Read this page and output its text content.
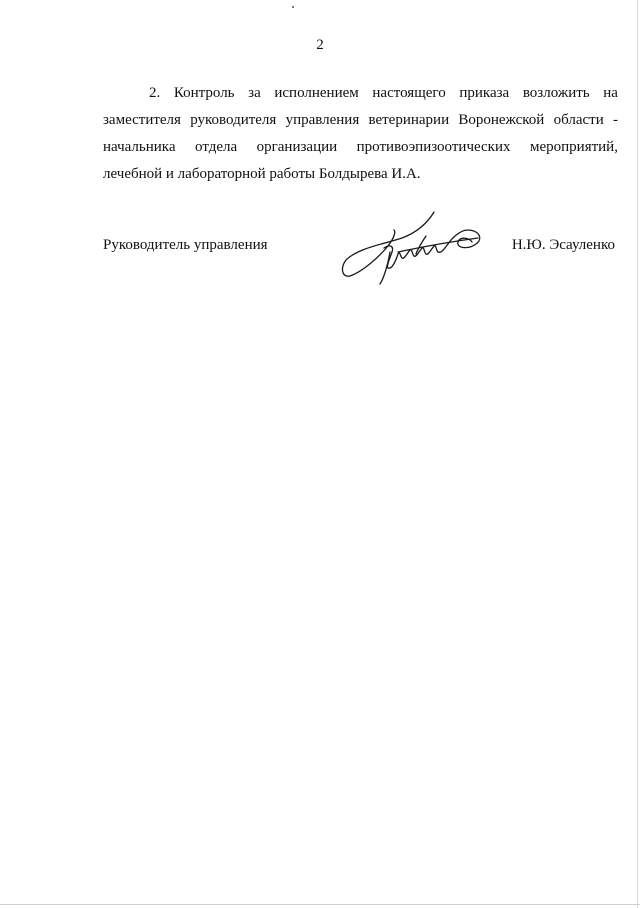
2
2. Контроль за исполнением настоящего приказа возложить на
заместителя руководителя управления ветеринарии Воронежской области -
начальника отдела организации противоэпизоотических мероприятий,
лечебной и лабораторной работы Болдырева И.А.
Руководитель управления	Н.Ю. Эсауленко
